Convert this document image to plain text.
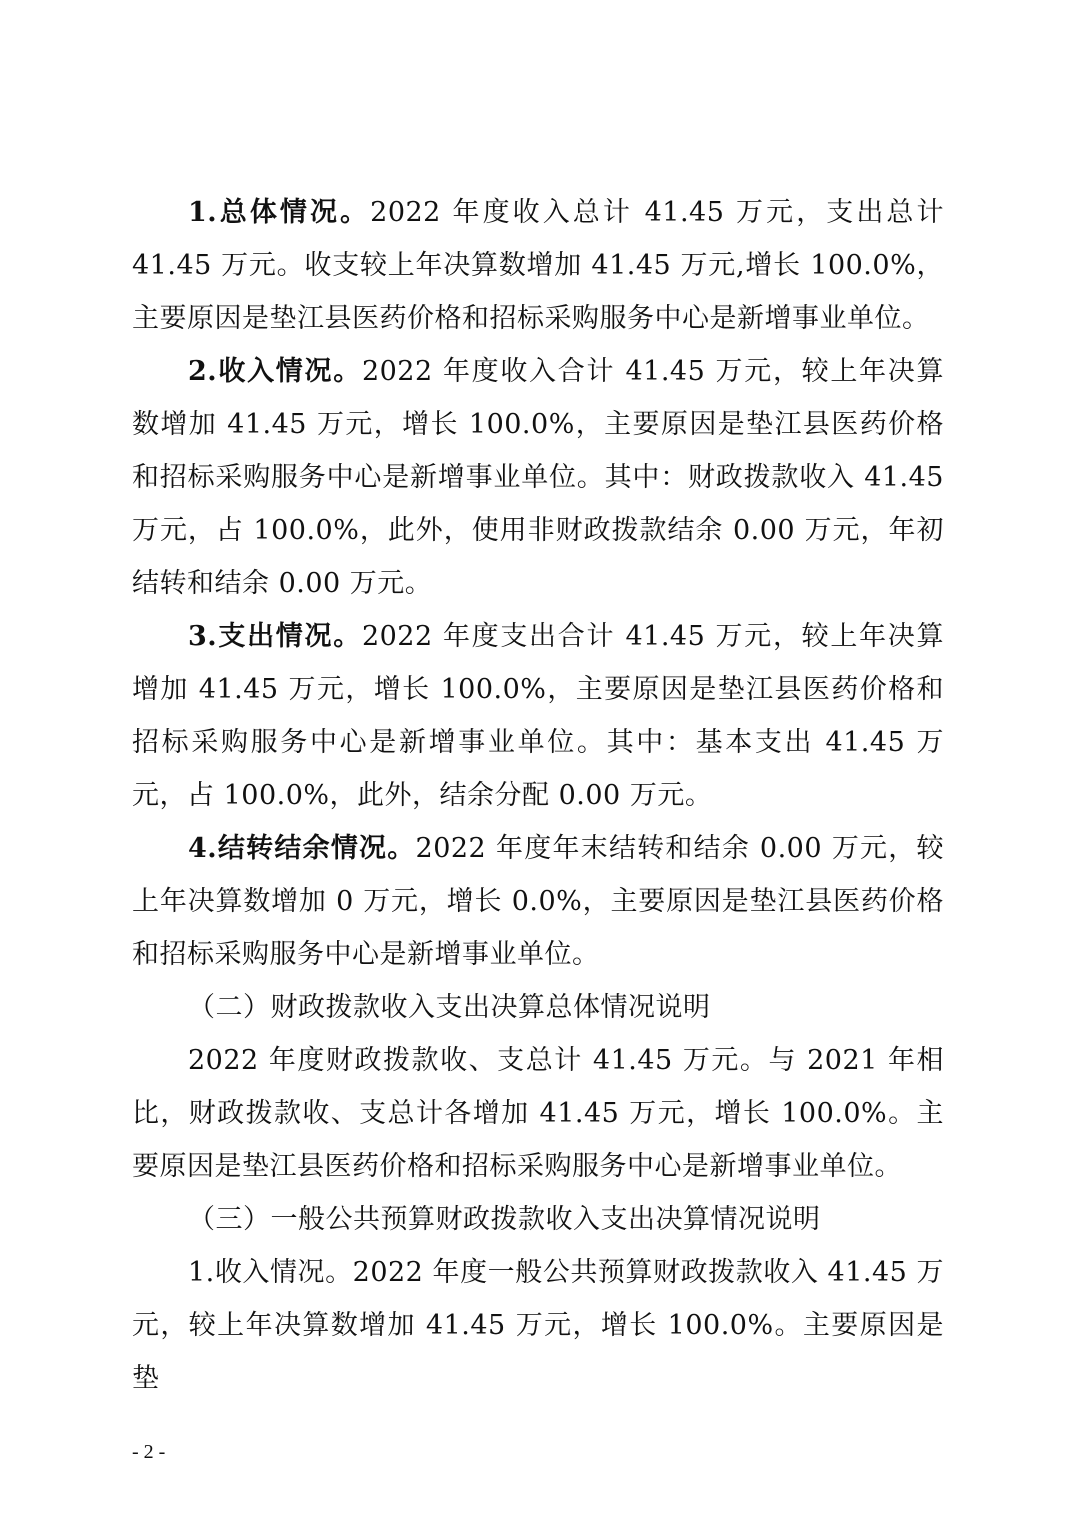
1.总体情况。2022 年度收入总计 41.45 万元，支出总计 41.45 万元。收支较上年决算数增加 41.45 万元,增长 100.0%，主要原因是垫江县医药价格和招标采购服务中心是新增事业单位。

2.收入情况。2022 年度收入合计 41.45 万元，较上年决算数增加 41.45 万元，增长 100.0%，主要原因是垫江县医药价格和招标采购服务中心是新增事业单位。其中：财政拨款收入 41.45 万元，占 100.0%，此外，使用非财政拨款结余 0.00 万元，年初结转和结余 0.00 万元。

3.支出情况。2022 年度支出合计 41.45 万元，较上年决算增加 41.45 万元，增长 100.0%，主要原因是垫江县医药价格和招标采购服务中心是新增事业单位。其中：基本支出 41.45 万元，占 100.0%，此外，结余分配 0.00 万元。

4.结转结余情况。2022 年度年末结转和结余 0.00 万元，较上年决算数增加 0 万元，增长 0.0%，主要原因是垫江县医药价格和招标采购服务中心是新增事业单位。

（二）财政拨款收入支出决算总体情况说明

2022 年度财政拨款收、支总计 41.45 万元。与 2021 年相比，财政拨款收、支总计各增加 41.45 万元，增长 100.0%。主要原因是垫江县医药价格和招标采购服务中心是新增事业单位。

（三）一般公共预算财政拨款收入支出决算情况说明

1.收入情况。2022 年度一般公共预算财政拨款收入 41.45 万元，较上年决算数增加 41.45 万元，增长 100.0%。主要原因是垫

- 2 -
